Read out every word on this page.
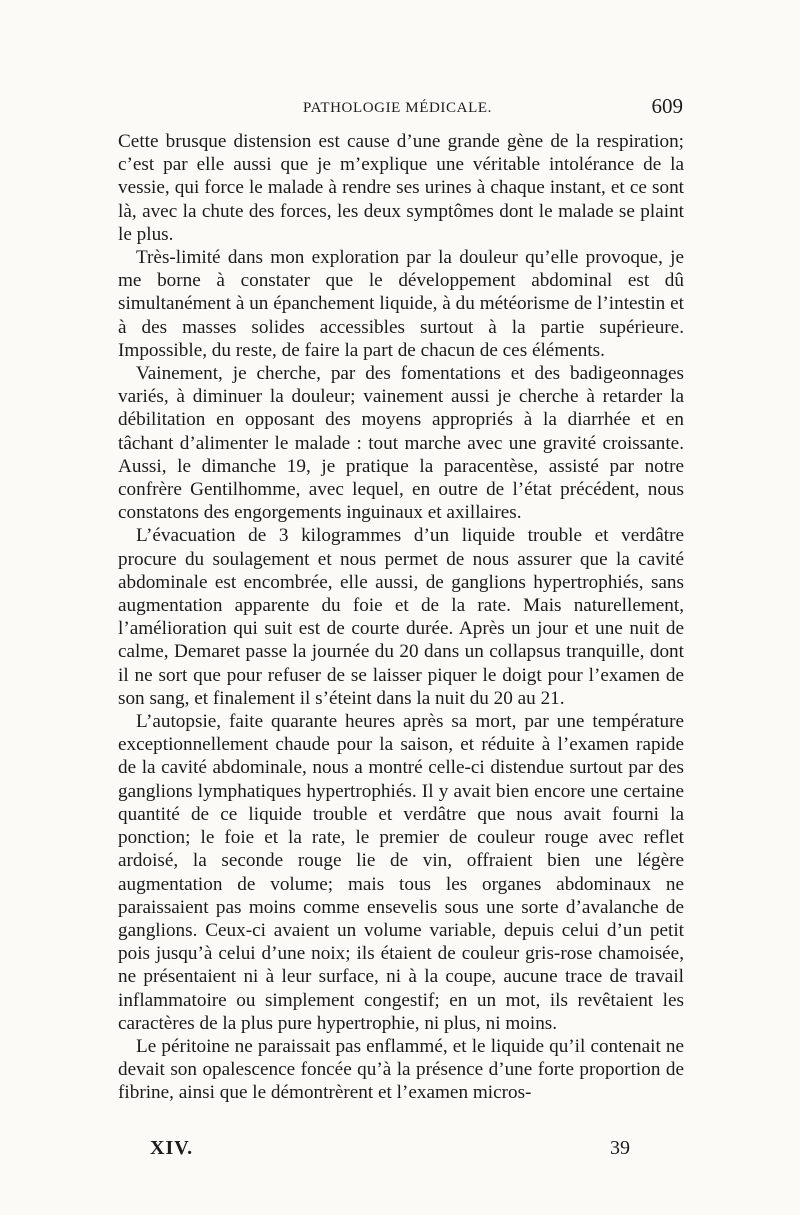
PATHOLOGIE MÉDICALE.	609

Cette brusque distension est cause d’une grande gène de la respiration; c’est par elle aussi que je m’explique une véritable intolérance de la vessie, qui force le malade à rendre ses urines à chaque instant, et ce sont là, avec la chute des forces, les deux symptômes dont le malade se plaint le plus.

Très-limité dans mon exploration par la douleur qu’elle provoque, je me borne à constater que le développement abdominal est dû simultanément à un épanchement liquide, à du météorisme de l’intestin et à des masses solides accessibles surtout à la partie supérieure. Impossible, du reste, de faire la part de chacun de ces éléments.

Vainement, je cherche, par des fomentations et des badigeonnages variés, à diminuer la douleur; vainement aussi je cherche à retarder la débilitation en opposant des moyens appropriés à la diarrhée et en tâchant d’alimenter le malade : tout marche avec une gravité croissante. Aussi, le dimanche 19, je pratique la paracentèse, assisté par notre confrère Gentilhomme, avec lequel, en outre de l’état précédent, nous constatons des engorgements inguinaux et axillaires.

L’évacuation de 3 kilogrammes d’un liquide trouble et verdâtre procure du soulagement et nous permet de nous assurer que la cavité abdominale est encombrée, elle aussi, de ganglions hypertrophiés, sans augmentation apparente du foie et de la rate. Mais naturellement, l’amélioration qui suit est de courte durée. Après un jour et une nuit de calme, Demaret passe la journée du 20 dans un collapsus tranquille, dont il ne sort que pour refuser de se laisser piquer le doigt pour l’examen de son sang, et finalement il s’éteint dans la nuit du 20 au 21.

L’autopsie, faite quarante heures après sa mort, par une température exceptionnellement chaude pour la saison, et réduite à l’examen rapide de la cavité abdominale, nous a montré celle-ci distendue surtout par des ganglions lymphatiques hypertrophiés. Il y avait bien encore une certaine quantité de ce liquide trouble et verdâtre que nous avait fourni la ponction; le foie et la rate, le premier de couleur rouge avec reflet ardoisé, la seconde rouge lie de vin, offraient bien une légère augmentation de volume; mais tous les organes abdominaux ne paraissaient pas moins comme ensevelis sous une sorte d’avalanche de ganglions. Ceux-ci avaient un volume variable, depuis celui d’un petit pois jusqu’à celui d’une noix; ils étaient de couleur gris-rose chamoisée, ne présentaient ni à leur surface, ni à la coupe, aucune trace de travail inflammatoire ou simplement congestif; en un mot, ils revêtaient les caractères de la plus pure hypertrophie, ni plus, ni moins.

Le péritoine ne paraissait pas enflammé, et le liquide qu’il contenait ne devait son opalescence foncée qu’à la présence d’une forte proportion de fibrine, ainsi que le démontrèrent et l’examen micros-

XIV.	39
